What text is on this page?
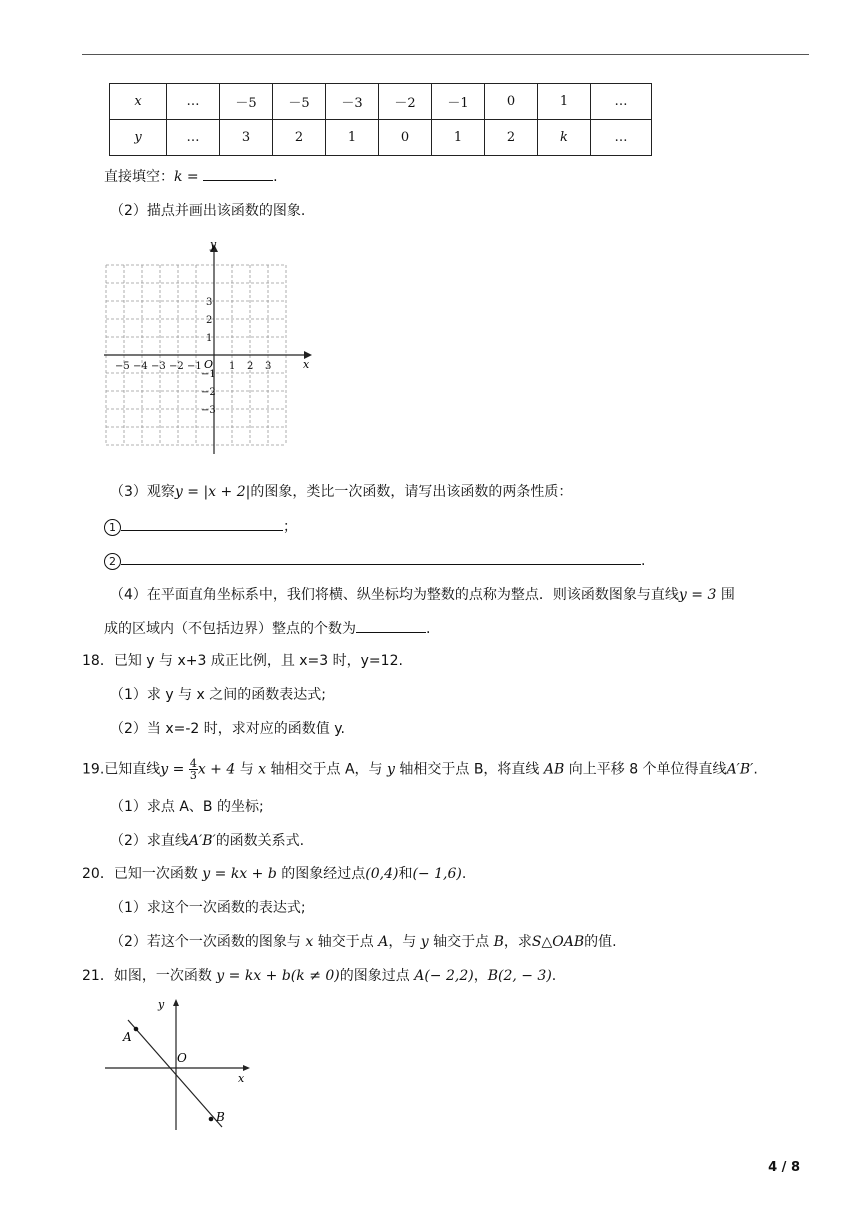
x	…	－5	－5	－3	－2	－1	0	1	…
y	…	3	2	1	0	1	2	k	…
直接填空：k =	.
（2）描点并画出该函数的图象.
x
y
O
−5 −4 −3 −2 −1	1 2 3
3
2
1
−1
−2
−3
（3）观察y = |x + 2|的图象，类比一次函数，请写出该函数的两条性质：
1	；
2	.
（4）在平面直角坐标系中，我们将横、纵坐标均为整数的点称为整点．则该函数图象与直线y = 3 围
成的区域内（不包括边界）整点的个数为	.
18．已知 y 与 x+3 成正比例，且 x=3 时，y=12.
（1）求 y 与 x 之间的函数表达式;
（2）当 x=-2 时，求对应的函数值 y.
19.已知直线$y = \frac{4}{3}$ x + 4 与 x 轴相交于点 A，与 y 轴相交于点 B，将直线 AB 向上平移 8 个单位得直线A′B′.
（1）求点 A、B 的坐标;
（2）求直线A′B′的函数关系式.
20．已知一次函数 y = kx + b 的图象经过点(0,4)和(− 1,6).
（1）求这个一次函数的表达式;
（2）若这个一次函数的图象与 x 轴交于点 A，与 y 轴交于点 B，求S△OAB的值.
21．如图，一次函数 y = kx + b(k ≠ 0)的图象过点 A(− 2,2)，B(2, − 3).
A
B
O
x
y
4 / 8
